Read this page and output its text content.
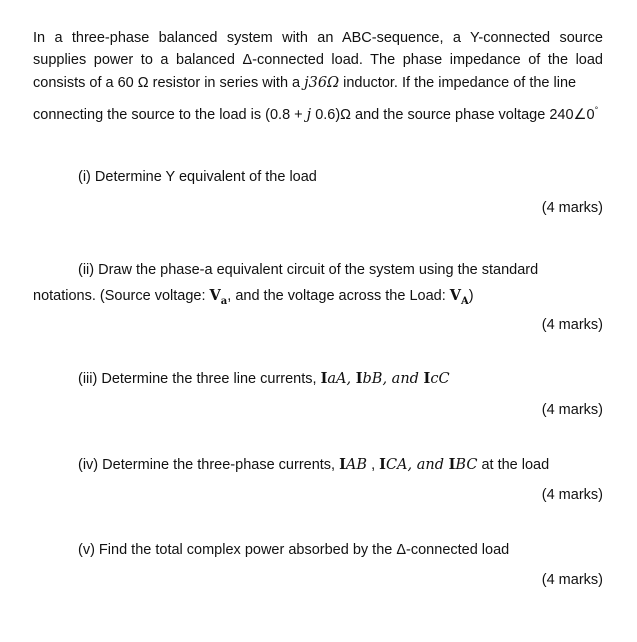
In a three-phase balanced system with an ABC-sequence, a Y-connected source supplies power to a balanced Δ-connected load. The phase impedance of the load consists of a 60 Ω resistor in series with a j36Ω inductor. If the impedance of the line
connecting the source to the load is (0.8 + j 0.6)Ω and the source phase voltage 240∠0°
(i) Determine Y equivalent of the load
(4 marks)
(ii) Draw the phase-a equivalent circuit of the system using the standard
notations. (Source voltage: $V_a$, and the voltage across the Load: $V_A$)
(4 marks)
(iii) Determine the three line currents, IaA, IbB, and IcC
(4 marks)
(iv) Determine the three-phase currents, IAB , ICA, and IBC at the load
(4 marks)
(v) Find the total complex power absorbed by the Δ-connected load
(4 marks)
